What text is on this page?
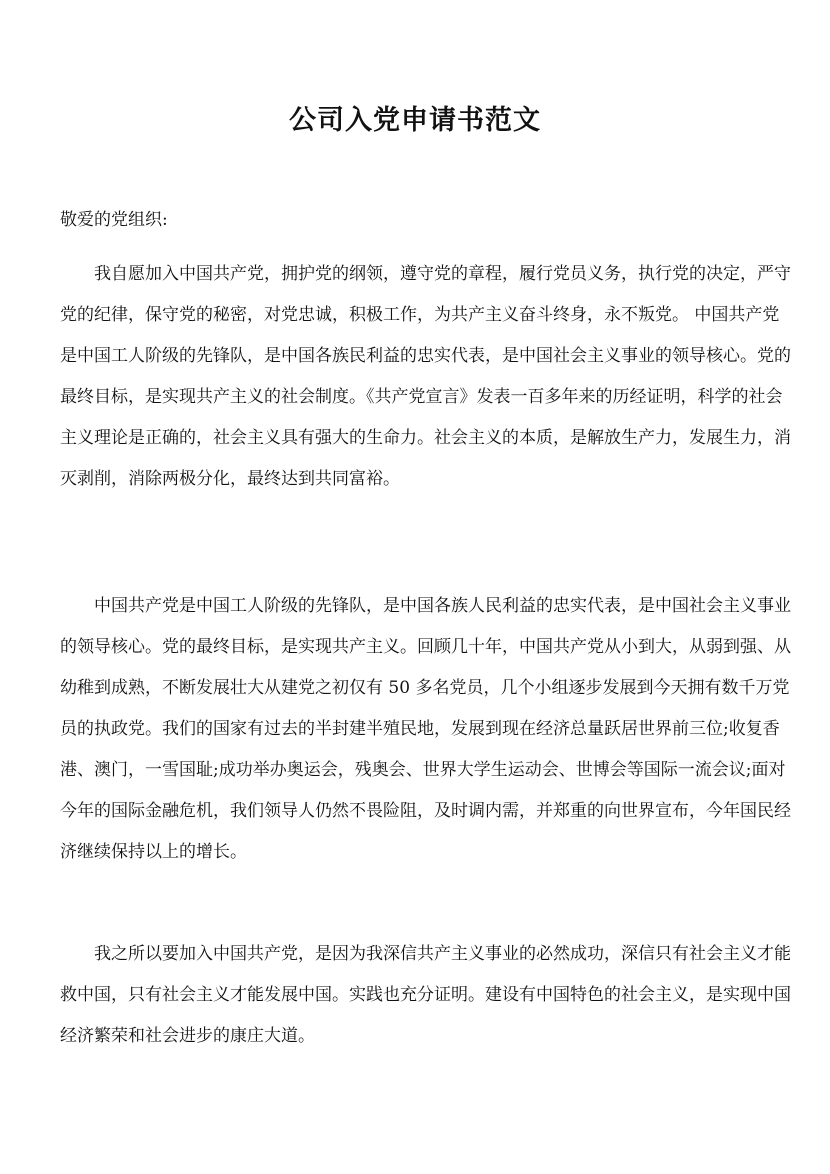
公司入党申请书范文
敬爱的党组织:
我自愿加入中国共产党，拥护党的纲领，遵守党的章程，履行党员义务，执行党的决定，严守
党的纪律，保守党的秘密，对党忠诚，积极工作，为共产主义奋斗终身，永不叛党。 中国共产党
是中国工人阶级的先锋队，是中国各族民利益的忠实代表，是中国社会主义事业的领导核心。党的
最终目标，是实现共产主义的社会制度。《共产党宣言》发表一百多年来的历经证明，科学的社会
主义理论是正确的，社会主义具有强大的生命力。社会主义的本质，是解放生产力，发展生力，消
灭剥削，消除两极分化，最终达到共同富裕。
中国共产党是中国工人阶级的先锋队，是中国各族人民利益的忠实代表，是中国社会主义事业
的领导核心。党的最终目标，是实现共产主义。回顾几十年，中国共产党从小到大，从弱到强、从
幼稚到成熟，不断发展壮大从建党之初仅有 50 多名党员，几个小组逐步发展到今天拥有数千万党
员的执政党。我们的国家有过去的半封建半殖民地，发展到现在经济总量跃居世界前三位;收复香
港、澳门，一雪国耻;成功举办奥运会，残奥会、世界大学生运动会、世博会等国际一流会议;面对
今年的国际金融危机，我们领导人仍然不畏险阻，及时调内需，并郑重的向世界宣布，今年国民经
济继续保持以上的增长。
我之所以要加入中国共产党，是因为我深信共产主义事业的必然成功，深信只有社会主义才能
救中国，只有社会主义才能发展中国。实践也充分证明。建设有中国特色的社会主义，是实现中国
经济繁荣和社会进步的康庄大道。
